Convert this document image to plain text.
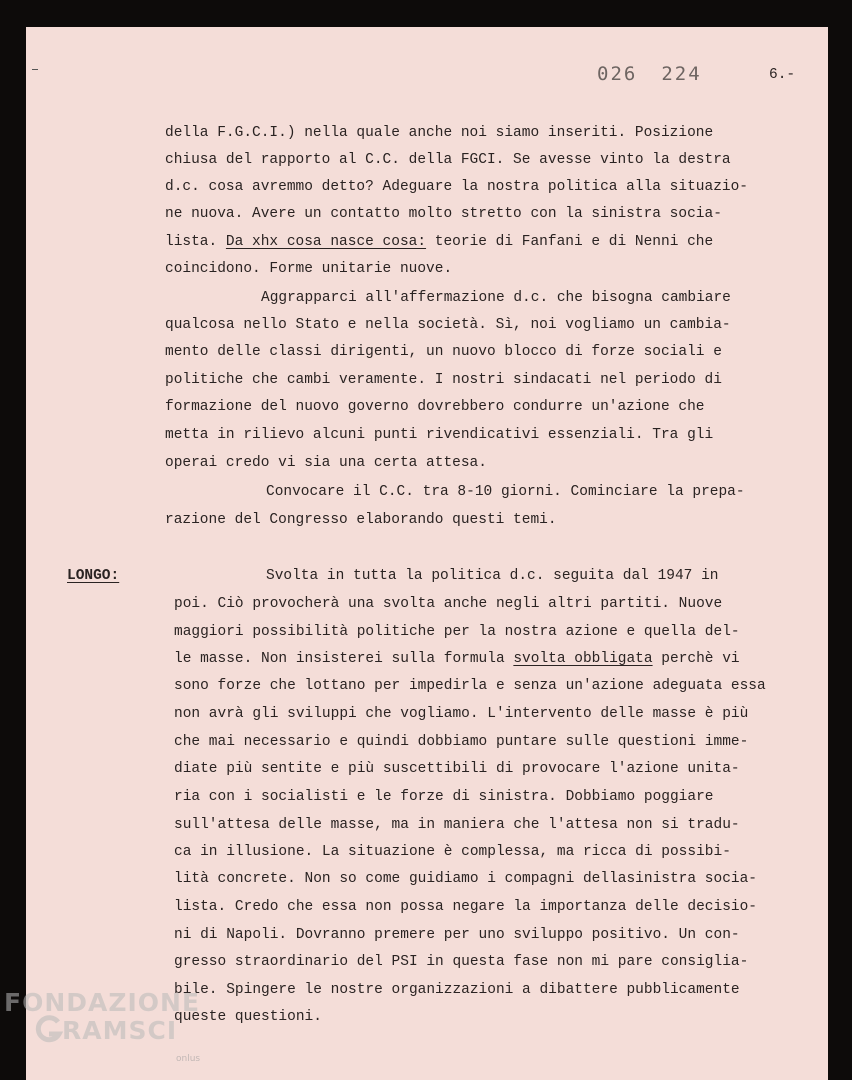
026 224	6.-
della F.G.C.I.) nella quale anche noi siamo inseriti. Posizione
chiusa del rapporto al C.C. della FGCI. Se avesse vinto la destra
d.c. cosa avremmo detto? Adeguare la nostra politica alla situazio-
ne nuova. Avere un contatto molto stretto con la sinistra socia-
lista. Da xhx cosa nasce cosa: teorie di Fanfani e di Nenni che
coincidono. Forme unitarie nuove.
Aggrapparci all'affermazione d.c. che bisogna cambiare
qualcosa nello Stato e nella società. Sì, noi vogliamo un cambia-
mento delle classi dirigenti, un nuovo blocco di forze sociali e
politiche che cambi veramente. I nostri sindacati nel periodo di
formazione del nuovo governo dovrebbero condurre un'azione che
metta in rilievo alcuni punti rivendicativi essenziali. Tra gli
operai credo vi sia una certa attesa.
Convocare il C.C. tra 8-10 giorni. Cominciare la prepa-
razione del Congresso elaborando questi temi.
LONGO:	Svolta in tutta la politica d.c. seguita dal 1947 in
poi. Ciò provocherà una svolta anche negli altri partiti. Nuove
maggiori possibilità politiche per la nostra azione e quella del-
le masse. Non insisterei sulla formula svolta obbligata perchè vi
sono forze che lottano per impedirla e senza un'azione adeguata essa
non avrà gli sviluppi che vogliamo. L'intervento delle masse è più
che mai necessario e quindi dobbiamo puntare sulle questioni imme-
diate più sentite e più suscettibili di provocare l'azione unita-
ria con i socialisti e le forze di sinistra. Dobbiamo poggiare
sull'attesa delle masse, ma in maniera che l'attesa non si tradu-
ca in illusione. La situazione è complessa, ma ricca di possibi-
lità concrete. Non so come guidiamo i compagni dellasinistra socia-
lista. Credo che essa non possa negare la importanza delle decisio-
ni di Napoli. Dovranno premere per uno sviluppo positivo. Un con-
gresso straordinario del PSI in questa fase non mi pare consiglia-
bile. Spingere le nostre organizzazioni a dibattere pubblicamente
queste questioni.
FONDAZIONE
RAMSCI
onlus
